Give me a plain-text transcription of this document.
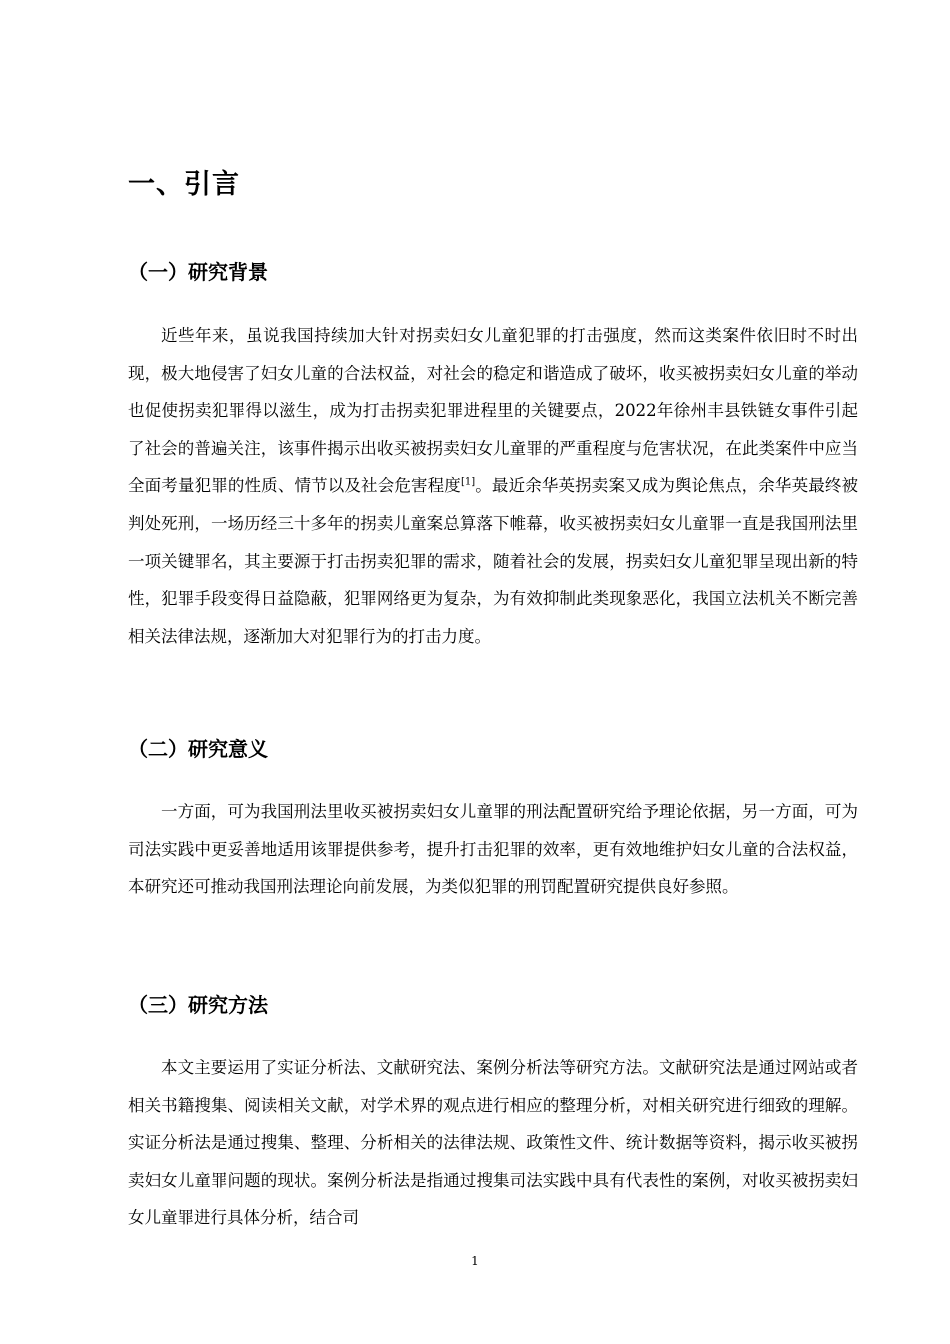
一、引言
（一）研究背景

近些年来，虽说我国持续加大针对拐卖妇女儿童犯罪的打击强度，然而这类案件依旧时不时出现，极大地侵害了妇女儿童的合法权益，对社会的稳定和谐造成了破坏，收买被拐卖妇女儿童的举动也促使拐卖犯罪得以滋生，成为打击拐卖犯罪进程里的关键要点，2022年徐州丰县铁链女事件引起了社会的普遍关注，该事件揭示出收买被拐卖妇女儿童罪的严重程度与危害状况，在此类案件中应当全面考量犯罪的性质、情节以及社会危害程度[1]。最近余华英拐卖案又成为舆论焦点，余华英最终被判处死刑，一场历经三十多年的拐卖儿童案总算落下帷幕，收买被拐卖妇女儿童罪一直是我国刑法里一项关键罪名，其主要源于打击拐卖犯罪的需求，随着社会的发展，拐卖妇女儿童犯罪呈现出新的特性，犯罪手段变得日益隐蔽，犯罪网络更为复杂，为有效抑制此类现象恶化，我国立法机关不断完善相关法律法规，逐渐加大对犯罪行为的打击力度。

（二）研究意义

一方面，可为我国刑法里收买被拐卖妇女儿童罪的刑法配置研究给予理论依据，另一方面，可为司法实践中更妥善地适用该罪提供参考，提升打击犯罪的效率，更有效地维护妇女儿童的合法权益，本研究还可推动我国刑法理论向前发展，为类似犯罪的刑罚配置研究提供良好参照。

（三）研究方法

本文主要运用了实证分析法、文献研究法、案例分析法等研究方法。文献研究法是通过网站或者相关书籍搜集、阅读相关文献，对学术界的观点进行相应的整理分析，对相关研究进行细致的理解。实证分析法是通过搜集、整理、分析相关的法律法规、政策性文件、统计数据等资料，揭示收买被拐卖妇女儿童罪问题的现状。案例分析法是指通过搜集司法实践中具有代表性的案例，对收买被拐卖妇女儿童罪进行具体分析，结合司

1
